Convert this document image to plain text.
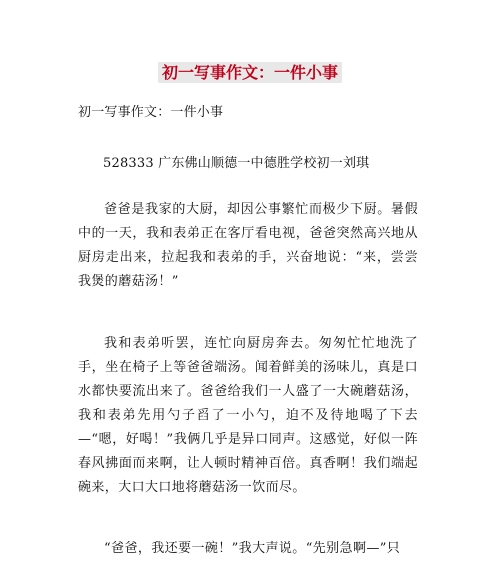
初一写事作文：一件小事
初一写事作文：一件小事
528333 广东佛山顺德一中德胜学校初一刘琪
爸爸是我家的大厨，却因公事繁忙而极少下厨。暑假中的一天，我和表弟正在客厅看电视，爸爸突然高兴地从厨房走出来，拉起我和表弟的手，兴奋地说：“来，尝尝我煲的蘑菇汤！”
我和表弟听罢，连忙向厨房奔去。匆匆忙忙地洗了手，坐在椅子上等爸爸端汤。闻着鲜美的汤味儿，真是口水都快要流出来了。爸爸给我们一人盛了一大碗蘑菇汤，我和表弟先用勺子舀了一小勺，迫不及待地喝了下去—“嗯，好喝！”我俩几乎是异口同声。这感觉，好似一阵春风拂面而来啊，让人顿时精神百倍。真香啊！我们端起碗来，大口大口地将蘑菇汤一饮而尽。
“爸爸，我还要一碗！”我大声说。“先别急啊—”只
